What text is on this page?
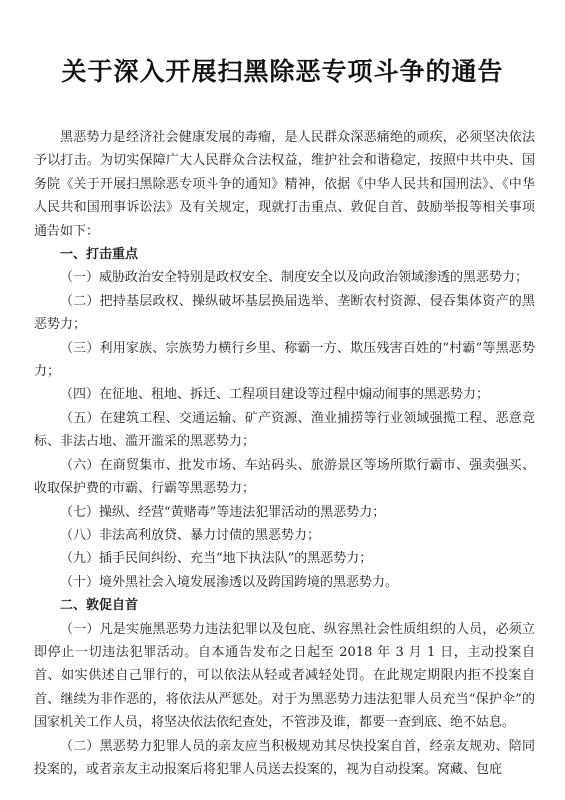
关于深入开展扫黑除恶专项斗争的通告

黑恶势力是经济社会健康发展的毒瘤，是人民群众深恶痛绝的顽疾，必须坚决依法予以打击。为切实保障广大人民群众合法权益，维护社会和谐稳定，按照中共中央、国务院《关于开展扫黑除恶专项斗争的通知》精神，依据《中华人民共和国刑法》、《中华人民共和国刑事诉讼法》及有关规定，现就打击重点、敦促自首、鼓励举报等相关事项通告如下：

一、打击重点

（一）威胁政治安全特别是政权安全、制度安全以及向政治领域渗透的黑恶势力；

（二）把持基层政权、操纵破坏基层换届选举、垄断农村资源、侵吞集体资产的黑恶势力；

（三）利用家族、宗族势力横行乡里、称霸一方、欺压残害百姓的“村霸”等黑恶势力；

（四）在征地、租地、拆迁、工程项目建设等过程中煽动闹事的黑恶势力；

（五）在建筑工程、交通运输、矿产资源、渔业捕捞等行业领域强揽工程、恶意竞标、非法占地、滥开滥采的黑恶势力；

（六）在商贸集市、批发市场、车站码头、旅游景区等场所欺行霸市、强卖强买、收取保护费的市霸、行霸等黑恶势力；

（七）操纵、经营“黄赌毒”等违法犯罪活动的黑恶势力；

（八）非法高利放贷、暴力讨债的黑恶势力；

（九）插手民间纠纷、充当“地下执法队”的黑恶势力；

（十）境外黑社会入境发展渗透以及跨国跨境的黑恶势力。

二、敦促自首

（一）凡是实施黑恶势力违法犯罪以及包庇、纵容黑社会性质组织的人员，必须立即停止一切违法犯罪活动。自本通告发布之日起至 2018 年 3 月 1 日，主动投案自首、如实供述自己罪行的，可以依法从轻或者减轻处罚。在此规定期限内拒不投案自首、继续为非作恶的，将依法从严惩处。对于为黑恶势力违法犯罪人员充当“保护伞”的国家机关工作人员，将坚决依法依纪查处，不管涉及谁，都要一查到底、绝不姑息。

（二）黑恶势力犯罪人员的亲友应当积极规劝其尽快投案自首，经亲友规劝、陪同投案的，或者亲友主动报案后将犯罪人员送去投案的，视为自动投案。窝藏、包庇
